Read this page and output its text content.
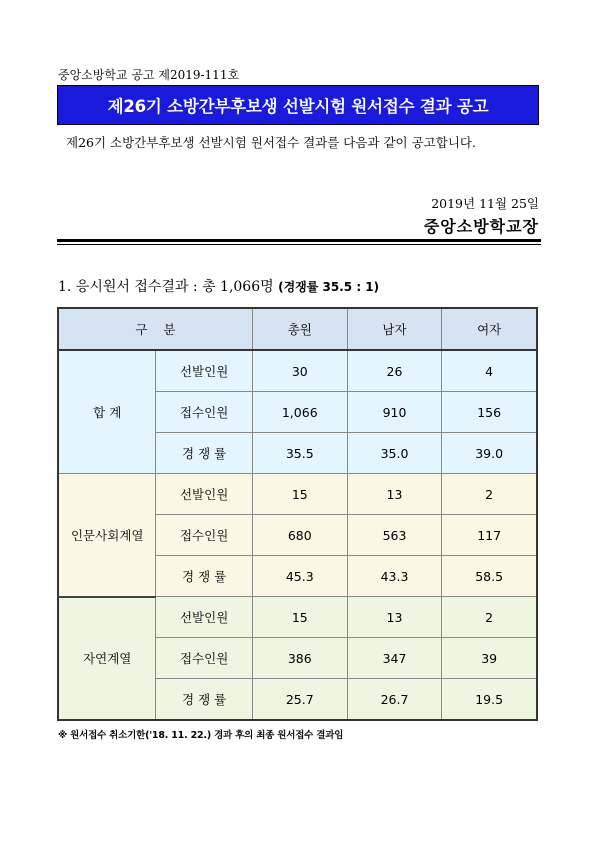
중앙소방학교 공고 제2019-111호
제26기 소방간부후보생 선발시험 원서접수 결과 공고
제26기 소방간부후보생 선발시험 원서접수 결과를 다음과 같이 공고합니다.
2019년 11월 25일
중앙소방학교장
1. 응시원서 접수결과 : 총 1,066명 (경쟁률 35.5 : 1)
구    분		총원	남자	여자
합 계	선발인원	30	26	4
	접수인원	1,066	910	156
	경 쟁 률	35.5	35.0	39.0
인문사회계열	선발인원	15	13	2
	접수인원	680	563	117
	경 쟁 률	45.3	43.3	58.5
자연계열	선발인원	15	13	2
	접수인원	386	347	39
	경 쟁 률	25.7	26.7	19.5
※ 원서접수 취소기한('18. 11. 22.) 경과 후의 최종 원서접수 결과임
